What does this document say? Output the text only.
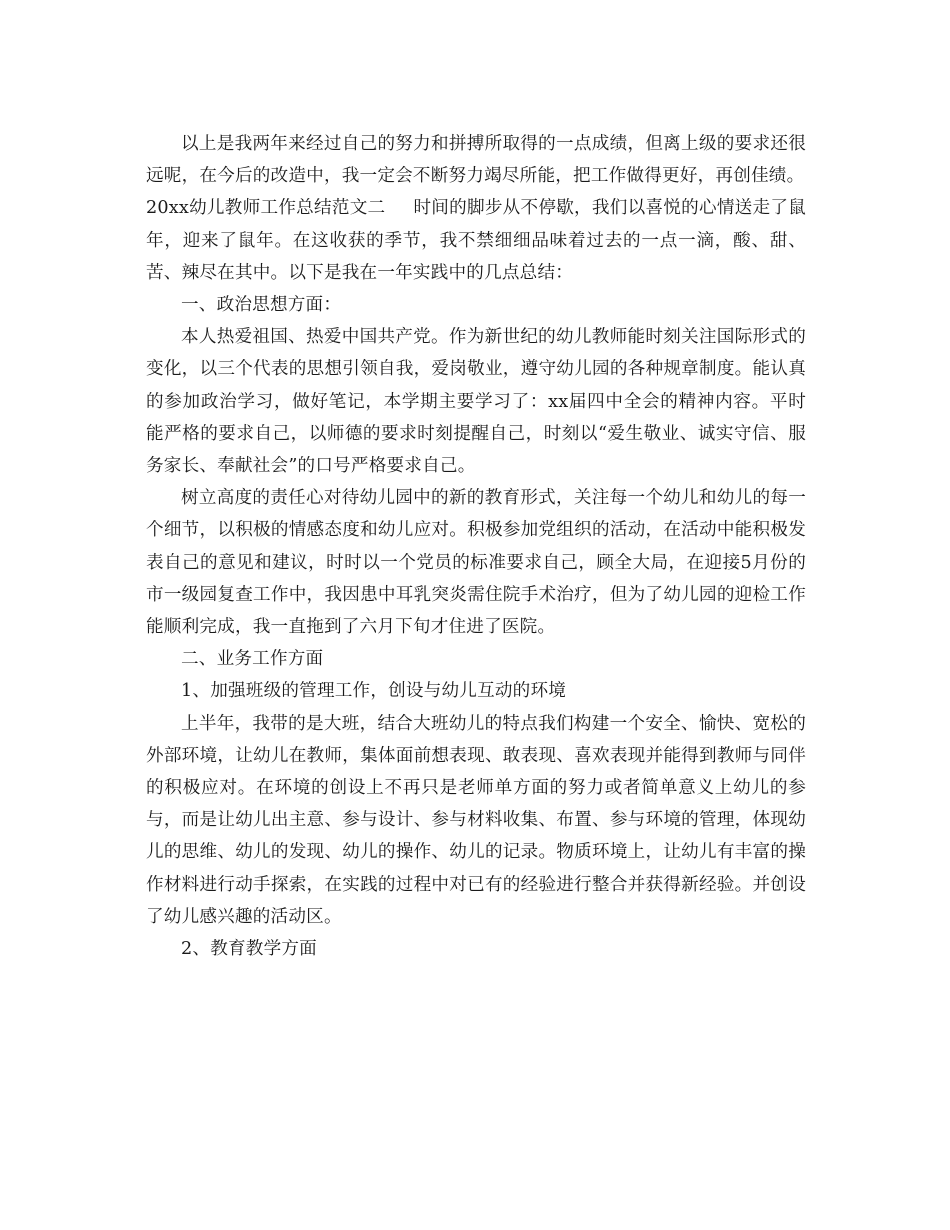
以上是我两年来经过自己的努力和拼搏所取得的一点成绩，但离上级的要求还很远呢，在今后的改造中，我一定会不断努力竭尽所能，把工作做得更好，再创佳绩。

20xx幼儿教师工作总结范文二 时间的脚步从不停歇，我们以喜悦的心情送走了鼠年，迎来了鼠年。在这收获的季节，我不禁细细品味着过去的一点一滴，酸、甜、苦、辣尽在其中。以下是我在一年实践中的几点总结：

一、政治思想方面：

本人热爱祖国、热爱中国共产党。作为新世纪的幼儿教师能时刻关注国际形式的变化，以三个代表的思想引领自我，爱岗敬业，遵守幼儿园的各种规章制度。能认真的参加政治学习，做好笔记，本学期主要学习了：xx届四中全会的精神内容。平时能严格的要求自己，以师德的要求时刻提醒自己，时刻以“爱生敬业、诚实守信、服务家长、奉献社会”的口号严格要求自己。

树立高度的责任心对待幼儿园中的新的教育形式，关注每一个幼儿和幼儿的每一个细节，以积极的情感态度和幼儿应对。积极参加党组织的活动，在活动中能积极发表自己的意见和建议，时时以一个党员的标准要求自己，顾全大局，在迎接5月份的市一级园复查工作中，我因患中耳乳突炎需住院手术治疗，但为了幼儿园的迎检工作能顺利完成，我一直拖到了六月下旬才住进了医院。

二、业务工作方面

1、加强班级的管理工作，创设与幼儿互动的环境

上半年，我带的是大班，结合大班幼儿的特点我们构建一个安全、愉快、宽松的外部环境，让幼儿在教师，集体面前想表现、敢表现、喜欢表现并能得到教师与同伴的积极应对。在环境的创设上不再只是老师单方面的努力或者简单意义上幼儿的参与，而是让幼儿出主意、参与设计、参与材料收集、布置、参与环境的管理，体现幼儿的思维、幼儿的发现、幼儿的操作、幼儿的记录。物质环境上，让幼儿有丰富的操作材料进行动手探索，在实践的过程中对已有的经验进行整合并获得新经验。并创设了幼儿感兴趣的活动区。

2、教育教学方面
